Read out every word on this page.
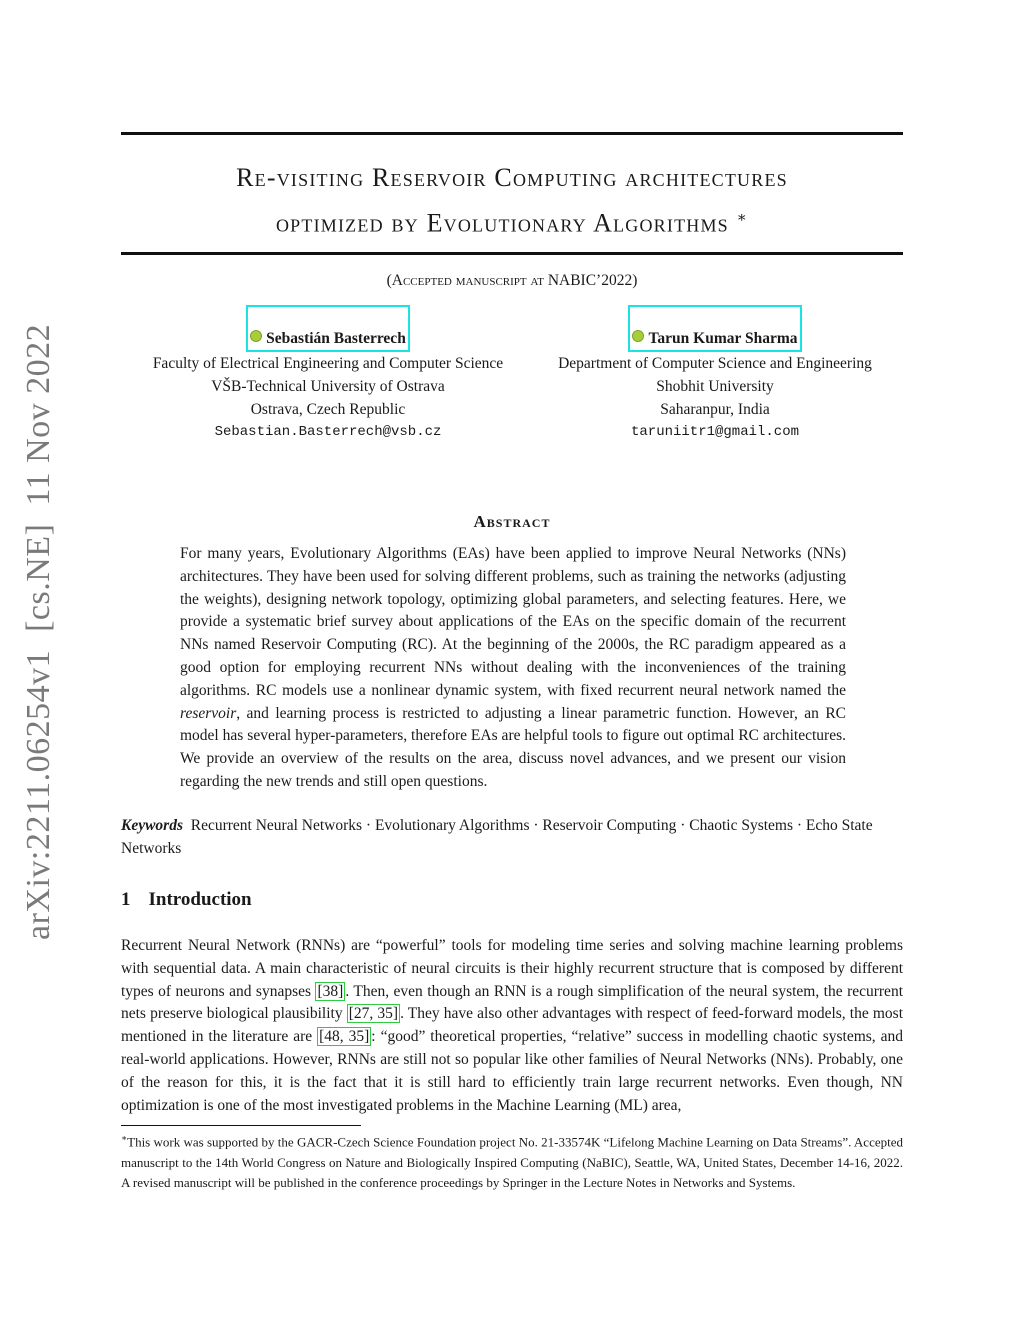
arXiv:2211.06254v1  [cs.NE]  11 Nov 2022
Re-visiting Reservoir Computing architectures
optimized by Evolutionary Algorithms ∗
(Accepted manuscript at NABIC’2022)
Sebastián Basterrech
Faculty of Electrical Engineering and Computer Science
VŠB-Technical University of Ostrava
Ostrava, Czech Republic
Sebastian.Basterrech@vsb.cz
Tarun Kumar Sharma
Department of Computer Science and Engineering
Shobhit University
Saharanpur, India
taruniitr1@gmail.com
Abstract
For many years, Evolutionary Algorithms (EAs) have been applied to improve Neural Networks (NNs) architectures. They have been used for solving different problems, such as training the networks (adjusting the weights), designing network topology, optimizing global parameters, and selecting features. Here, we provide a systematic brief survey about applications of the EAs on the specific domain of the recurrent NNs named Reservoir Computing (RC). At the beginning of the 2000s, the RC paradigm appeared as a good option for employing recurrent NNs without dealing with the inconveniences of the training algorithms. RC models use a nonlinear dynamic system, with fixed recurrent neural network named the reservoir, and learning process is restricted to adjusting a linear parametric function. However, an RC model has several hyper-parameters, therefore EAs are helpful tools to figure out optimal RC architectures. We provide an overview of the results on the area, discuss novel advances, and we present our vision regarding the new trends and still open questions.
Keywords Recurrent Neural Networks · Evolutionary Algorithms · Reservoir Computing · Chaotic Systems · Echo State Networks
1 Introduction
Recurrent Neural Network (RNNs) are “powerful” tools for modeling time series and solving machine learning problems with sequential data. A main characteristic of neural circuits is their highly recurrent structure that is composed by different types of neurons and synapses [38] . Then, even though an RNN is a rough simplification of the neural system, the recurrent nets preserve biological plausibility [27, 35] . They have also other advantages with respect of feed-forward models, the most mentioned in the literature are [48, 35] : “good” theoretical properties, “relative” success in modelling chaotic systems, and real-world applications. However, RNNs are still not so popular like other families of Neural Networks (NNs). Probably, one of the reason for this, it is the fact that it is still hard to efficiently train large recurrent networks. Even though, NN optimization is one of the most investigated problems in the Machine Learning (ML) area,
∗This work was supported by the GACR-Czech Science Foundation project No. 21-33574K “Lifelong Machine Learning on Data Streams”. Accepted manuscript to the 14th World Congress on Nature and Biologically Inspired Computing (NaBIC), Seattle, WA, United States, December 14-16, 2022. A revised manuscript will be published in the conference proceedings by Springer in the Lecture Notes in Networks and Systems.
